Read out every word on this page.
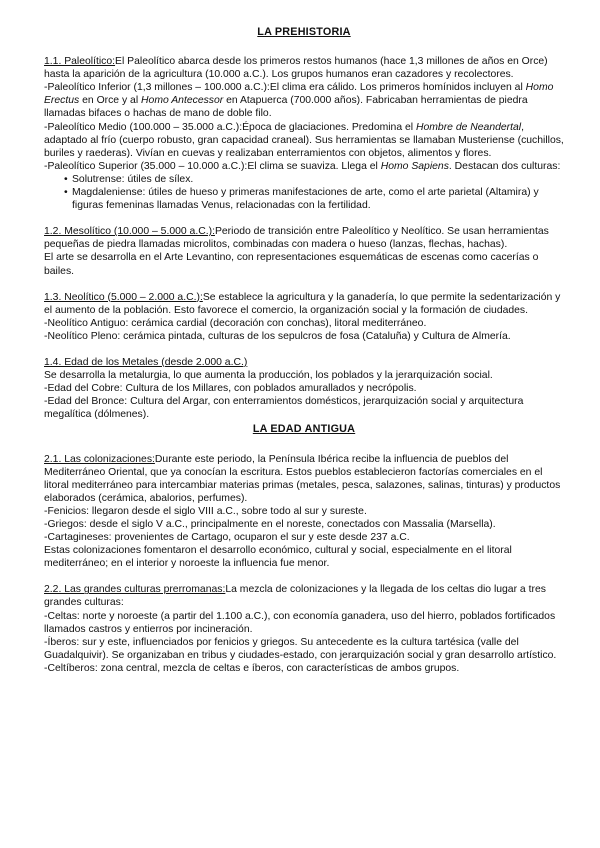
LA PREHISTORIA

1.1. Paleolítico:El Paleolítico abarca desde los primeros restos humanos (hace 1,3 millones de años en Orce) hasta la aparición de la agricultura (10.000 a.C.). Los grupos humanos eran cazadores y recolectores.

-Paleolítico Inferior (1,3 millones – 100.000 a.C.):El clima era cálido. Los primeros homínidos incluyen al Homo Erectus en Orce y al Homo Antecessor en Atapuerca (700.000 años). Fabricaban herramientas de piedra llamadas bifaces o hachas de mano de doble filo.

-Paleolítico Medio (100.000 – 35.000 a.C.):Época de glaciaciones. Predomina el Hombre de Neandertal, adaptado al frío (cuerpo robusto, gran capacidad craneal). Sus herramientas se llamaban Musteriense (cuchillos, buriles y raederas). Vivían en cuevas y realizaban enterramientos con objetos, alimentos y flores.

-Paleolítico Superior (35.000 – 10.000 a.C.):El clima se suaviza. Llega el Homo Sapiens. Destacan dos culturas:

• Solutrense: útiles de sílex.
• Magdaleniense: útiles de hueso y primeras manifestaciones de arte, como el arte parietal (Altamira) y figuras femeninas llamadas Venus, relacionadas con la fertilidad.

1.2. Mesolítico (10.000 – 5.000 a.C.):Periodo de transición entre Paleolítico y Neolítico. Se usan herramientas pequeñas de piedra llamadas microlitos, combinadas con madera o hueso (lanzas, flechas, hachas).

El arte se desarrolla en el Arte Levantino, con representaciones esquemáticas de escenas como cacerías o bailes.

1.3. Neolítico (5.000 – 2.000 a.C.):Se establece la agricultura y la ganadería, lo que permite la sedentarización y el aumento de la población. Esto favorece el comercio, la organización social y la formación de ciudades.

-Neolítico Antiguo: cerámica cardial (decoración con conchas), litoral mediterráneo.

-Neolítico Pleno: cerámica pintada, culturas de los sepulcros de fosa (Cataluña) y Cultura de Almería.

1.4. Edad de los Metales (desde 2.000 a.C.)

Se desarrolla la metalurgia, lo que aumenta la producción, los poblados y la jerarquización social.

-Edad del Cobre: Cultura de los Millares, con poblados amurallados y necrópolis.

-Edad del Bronce: Cultura del Argar, con enterramientos domésticos, jerarquización social y arquitectura megalítica (dólmenes).

LA EDAD ANTIGUA

2.1. Las colonizaciones:Durante este periodo, la Península Ibérica recibe la influencia de pueblos del Mediterráneo Oriental, que ya conocían la escritura. Estos pueblos establecieron factorías comerciales en el litoral mediterráneo para intercambiar materias primas (metales, pesca, salazones, salinas, tinturas) y productos elaborados (cerámica, abalorios, perfumes).

-Fenicios: llegaron desde el siglo VIII a.C., sobre todo al sur y sureste.

-Griegos: desde el siglo V a.C., principalmente en el noreste, conectados con Massalia (Marsella).

-Cartagineses: provenientes de Cartago, ocuparon el sur y este desde 237 a.C.

Estas colonizaciones fomentaron el desarrollo económico, cultural y social, especialmente en el litoral mediterráneo; en el interior y noroeste la influencia fue menor.

2.2. Las grandes culturas prerromanas:La mezcla de colonizaciones y la llegada de los celtas dio lugar a tres grandes culturas:

-Celtas: norte y noroeste (a partir del 1.100 a.C.), con economía ganadera, uso del hierro, poblados fortificados llamados castros y entierros por incineración.

-Íberos: sur y este, influenciados por fenicios y griegos. Su antecedente es la cultura tartésica (valle del Guadalquivir). Se organizaban en tribus y ciudades-estado, con jerarquización social y gran desarrollo artístico.

-Celtíberos: zona central, mezcla de celtas e íberos, con características de ambos grupos.
